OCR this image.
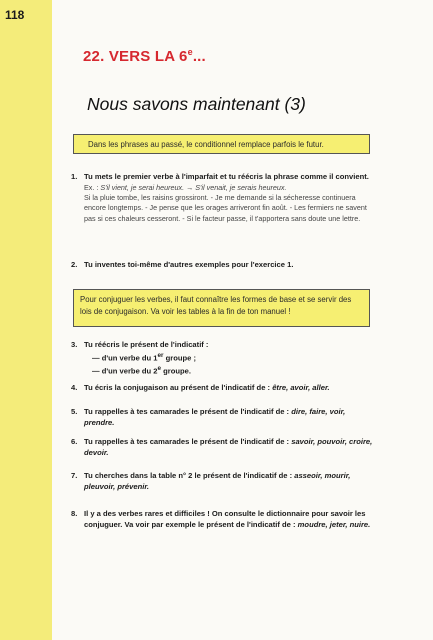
118
22. VERS LA 6e...
Nous savons maintenant (3)
Dans les phrases au passé, le conditionnel remplace parfois le futur.
1. Tu mets le premier verbe à l'imparfait et tu réécris la phrase comme il convient.
Ex. : S'il vient, je serai heureux. → S'il venait, je serais heureux.
Si la pluie tombe, les raisins grossiront. - Je me demande si la sécheresse continuera encore longtemps. - Je pense que les orages arriveront fin août. - Les fermiers ne savent pas si ces chaleurs cesseront. - Si le facteur passe, il t'apportera sans doute une lettre.
2. Tu inventes toi-même d'autres exemples pour l'exercice 1.
Pour conjuguer les verbes, il faut connaître les formes de base et se servir des lois de conjugaison. Va voir les tables à la fin de ton manuel !
3. Tu réécris le présent de l'indicatif :
— d'un verbe du 1er groupe ;
— d'un verbe du 2e groupe.
4. Tu écris la conjugaison au présent de l'indicatif de : être, avoir, aller.
5. Tu rappelles à tes camarades le présent de l'indicatif de : dire, faire, voir, prendre.
6. Tu rappelles à tes camarades le présent de l'indicatif de : savoir, pouvoir, croire, devoir.
7. Tu cherches dans la table n° 2 le présent de l'indicatif de : asseoir, mourir, pleuvoir, prévenir.
8. Il y a des verbes rares et difficiles ! On consulte le dictionnaire pour savoir les conjuguer. Va voir par exemple le présent de l'indicatif de : moudre, jeter, nuire.
